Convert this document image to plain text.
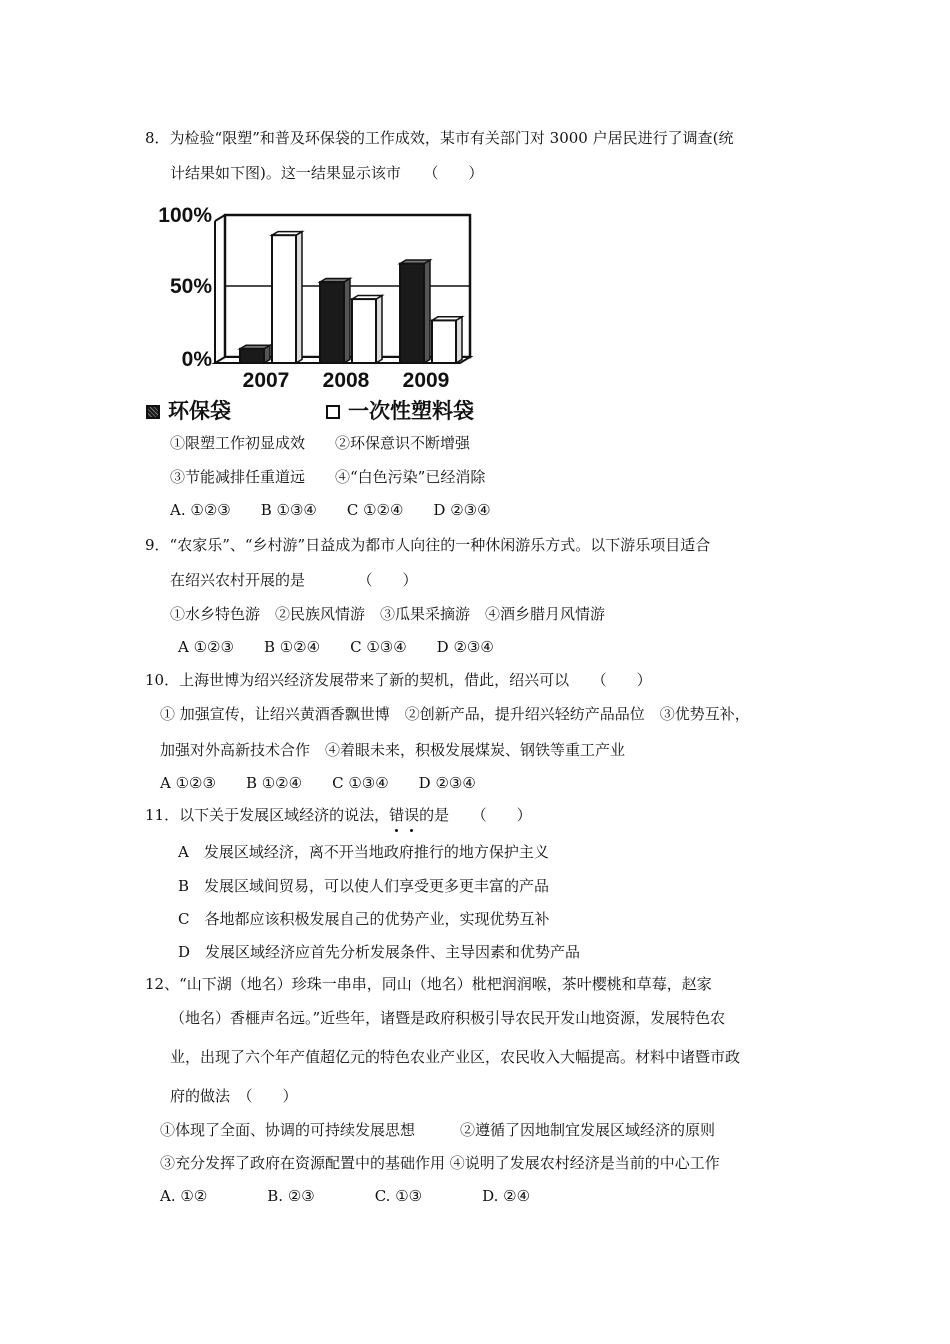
8．为检验“限塑”和普及环保袋的工作成效，某市有关部门对 3000 户居民进行了调查(统
计结果如下图)。这一结果显示该市　　（　　）
0%
50%
100%
2007 2008 2009
环保袋	一次性塑料袋
①限塑工作初显成效　　②环保意识不断增强
③节能减排任重道远　　④“白色污染”已经消除
A. ①②③　　B ①③④　　C ①②④　　D ②③④
9．“农家乐”、“乡村游”日益成为都市人向往的一种休闲游乐方式。以下游乐项目适合
在绍兴农村开展的是　　　　（　　）
①水乡特色游　②民族风情游　③瓜果采摘游　④酒乡腊月风情游
A ①②③　　B ①②④　　C ①③④　　D ②③④
10．上海世博为绍兴经济发展带来了新的契机，借此，绍兴可以　　（　　）
① 加强宣传，让绍兴黄酒香飘世博　②创新产品，提升绍兴轻纺产品品位　③优势互补，
加强对外高新技术合作　④着眼未来，积极发展煤炭、钢铁等重工产业
A ①②③　　B ①②④　　C ①③④　　D ②③④
11．以下关于发展区域经济的说法，错误的是　　（　　）
A　发展区域经济，离不开当地政府推行的地方保护主义
B　发展区域间贸易，可以使人们享受更多更丰富的产品
C　各地都应该积极发展自己的优势产业，实现优势互补
D　发展区域经济应首先分析发展条件、主导因素和优势产品
12、“山下湖（地名）珍珠一串串，同山（地名）枇杷润润喉，茶叶樱桃和草莓，赵家
（地名）香榧声名远。”近些年，诸暨是政府积极引导农民开发山地资源，发展特色农
业，出现了六个年产值超亿元的特色农业产业区，农民收入大幅提高。材料中诸暨市政
府的做法　（　　）
①体现了全面、协调的可持续发展思想　　　②遵循了因地制宜发展区域经济的原则
③充分发挥了政府在资源配置中的基础作用 ④说明了发展农村经济是当前的中心工作
A. ①②　　　　B. ②③　　　　C. ①③　　　　D. ②④
